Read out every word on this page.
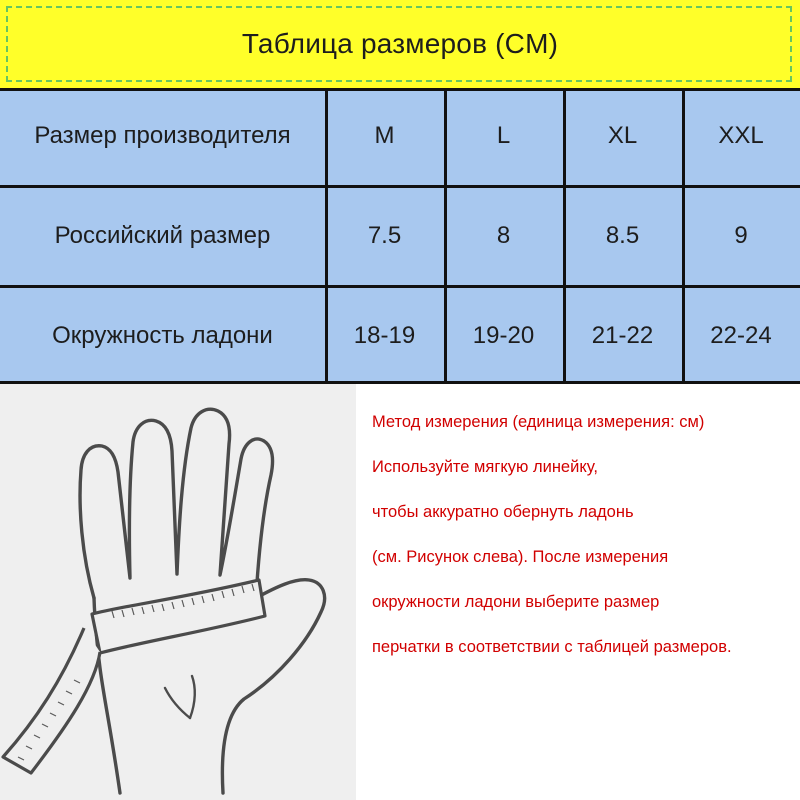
Таблица размеров (CM)
Размер производителя	M	L	XL	XXL
Российский размер	7.5	8	8.5	9
Окружность ладони	18-19	19-20	21-22	22-24
Метод измерения (единица измерения: см)
Используйте мягкую линейку,
чтобы аккуратно обернуть ладонь
(см. Рисунок слева). После измерения
окружности ладони выберите размер
перчатки в соответствии с таблицей размеров.
